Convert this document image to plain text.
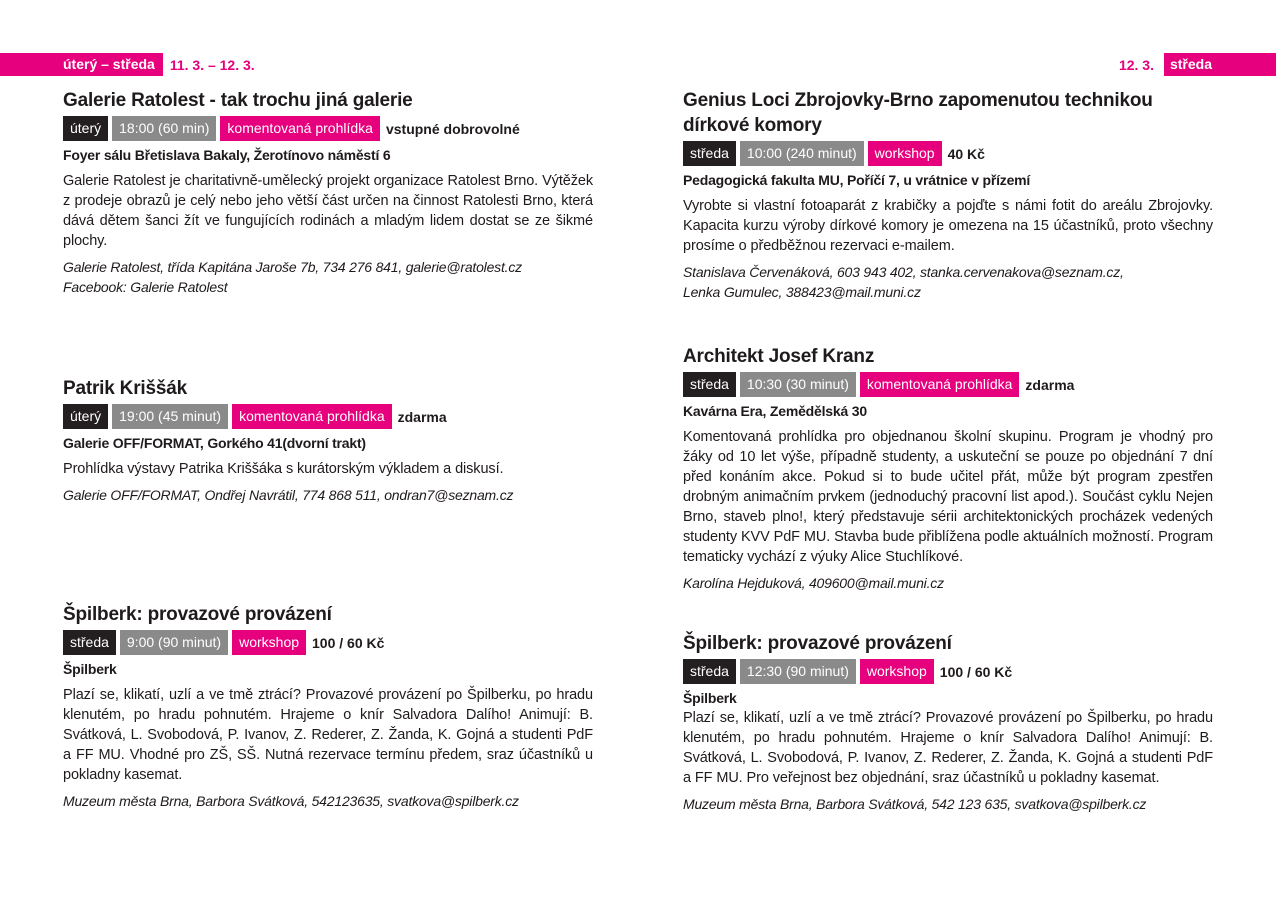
úterý – středa	11. 3. – 12. 3.	12. 3.	středa
Galerie Ratolest - tak trochu jiná galerie
úterý	18:00 (60 min)	komentovaná prohlídka vstupné dobrovolné
Foyer sálu Břetislava Bakaly, Žerotínovo náměstí 6
Galerie Ratolest je charitativně-umělecký projekt organizace Ratolest Brno. Výtěžek z prodeje obrazů je celý nebo jeho větší část určen na činnost Ratolesti Brno, která dává dětem šanci žít ve fungujících rodinách a mladým lidem dostat se ze šikmé plochy.
Galerie Ratolest, třída Kapitána Jaroše 7b, 734 276 841, galerie@ratolest.cz
Facebook: Galerie Ratolest
Patrik Kriššák
úterý	19:00 (45 minut)	komentovaná prohlídka zdarma
Galerie OFF/FORMAT, Gorkého 41(dvorní trakt)
Prohlídka výstavy Patrika Kriššáka s kurátorským výkladem a diskusí.
Galerie OFF/FORMAT, Ondřej Navrátil, 774 868 511, ondran7@seznam.cz
Špilberk: provazové provázení
středa	9:00 (90 minut)	workshop 100 / 60 Kč
Špilberk
Plazí se, klikatí, uzlí a ve tmě ztrácí? Provazové provázení po Špilberku, po hradu klenutém, po hradu pohnutém. Hrajeme o knír Salvadora Dalího! Animují: B. Svátková, L. Svobodová, P. Ivanov, Z. Rederer, Z. Žanda, K. Gojná a studenti PdF a FF MU. Vhodné pro ZŠ, SŠ. Nutná rezervace termínu předem, sraz účastníků u pokladny kasemat.
Muzeum města Brna, Barbora Svátková, 542123635, svatkova@spilberk.cz
Genius Loci Zbrojovky-Brno zapomenutou technikou dírkové komory
středa	10:00 (240 minut)	workshop 40 Kč
Pedagogická fakulta MU, Poříčí 7, u vrátnice v přízemí
Vyrobte si vlastní fotoaparát z krabičky a pojďte s námi fotit do areálu Zbrojovky. Kapacita kurzu výroby dírkové komory je omezena na 15 účastníků, proto všechny prosíme o předběžnou rezervaci e-mailem.
Stanislava Červenáková, 603 943 402, stanka.cervenakova@seznam.cz,
Lenka Gumulec, 388423@mail.muni.cz
Architekt Josef Kranz
středa	10:30 (30 minut)	komentovaná prohlídka zdarma
Kavárna Era, Zemědělská 30
Komentovaná prohlídka pro objednanou školní skupinu. Program je vhodný pro žáky od 10 let výše, případně studenty, a uskuteční se pouze po objednání 7 dní před konáním akce. Pokud si to bude učitel přát, může být program zpestřen drobným animačním prvkem (jednoduchý pracovní list apod.). Součást cyklu Nejen Brno, staveb plno!, který představuje sérii architektonických procházek vedených studenty KVV PdF MU. Stavba bude přiblížena podle aktuálních možností. Program tematicky vychází z výuky Alice Stuchlíkové.
Karolína Hejduková, 409600@mail.muni.cz
Špilberk: provazové provázení
středa	12:30 (90 minut)	workshop 100 / 60 Kč
Špilberk
Plazí se, klikatí, uzlí a ve tmě ztrácí? Provazové provázení po Špilberku, po hradu klenutém, po hradu pohnutém. Hrajeme o knír Salvadora Dalího! Animují: B. Svátková, L. Svobodová, P. Ivanov, Z. Rederer, Z. Žanda, K. Gojná a studenti PdF a FF MU. Pro veřejnost bez objednání, sraz účastníků u pokladny kasemat.
Muzeum města Brna, Barbora Svátková, 542 123 635, svatkova@spilberk.cz
